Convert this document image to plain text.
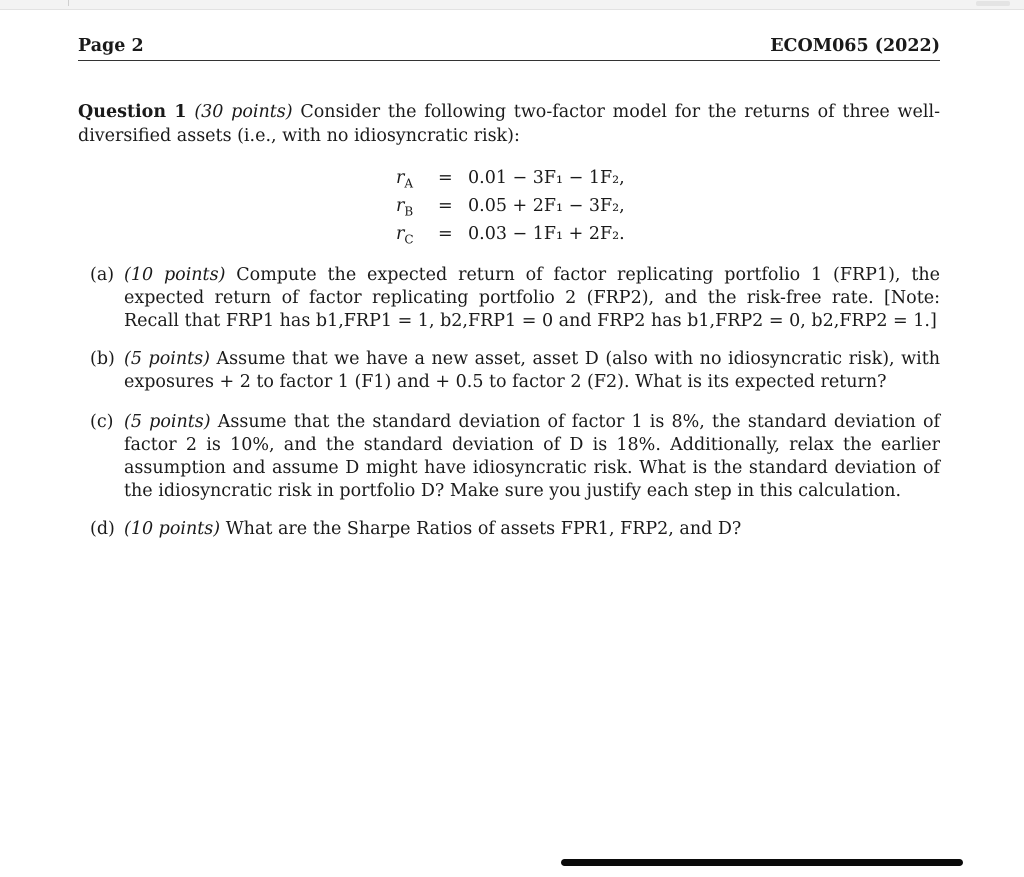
Page 2	ECOM065 (2022)
Question 1 (30 points) Consider the following two-factor model for the returns of three well-diversified assets (i.e., with no idiosyncratic risk):
$r_A$	= 0.01 − 3F₁ − 1F₂,
$r_B$	= 0.05 + 2F₁ − 3F₂,
$r_C$	= 0.03 − 1F₁ + 2F₂.
(a) (10 points) Compute the expected return of factor replicating portfolio 1 (FRP1), the expected return of factor replicating portfolio 2 (FRP2), and the risk-free rate. [Note: Recall that FRP1 has b1,FRP1 = 1, b2,FRP1 = 0 and FRP2 has b1,FRP2 = 0, b2,FRP2 = 1.]
(b) (5 points) Assume that we have a new asset, asset D (also with no idiosyncratic risk), with exposures + 2 to factor 1 (F1) and + 0.5 to factor 2 (F2). What is its expected return?
(c) (5 points) Assume that the standard deviation of factor 1 is 8%, the standard deviation of factor 2 is 10%, and the standard deviation of D is 18%. Additionally, relax the earlier assumption and assume D might have idiosyncratic risk. What is the standard deviation of the idiosyncratic risk in portfolio D? Make sure you justify each step in this calculation.
(d) (10 points) What are the Sharpe Ratios of assets FPR1, FRP2, and D?
